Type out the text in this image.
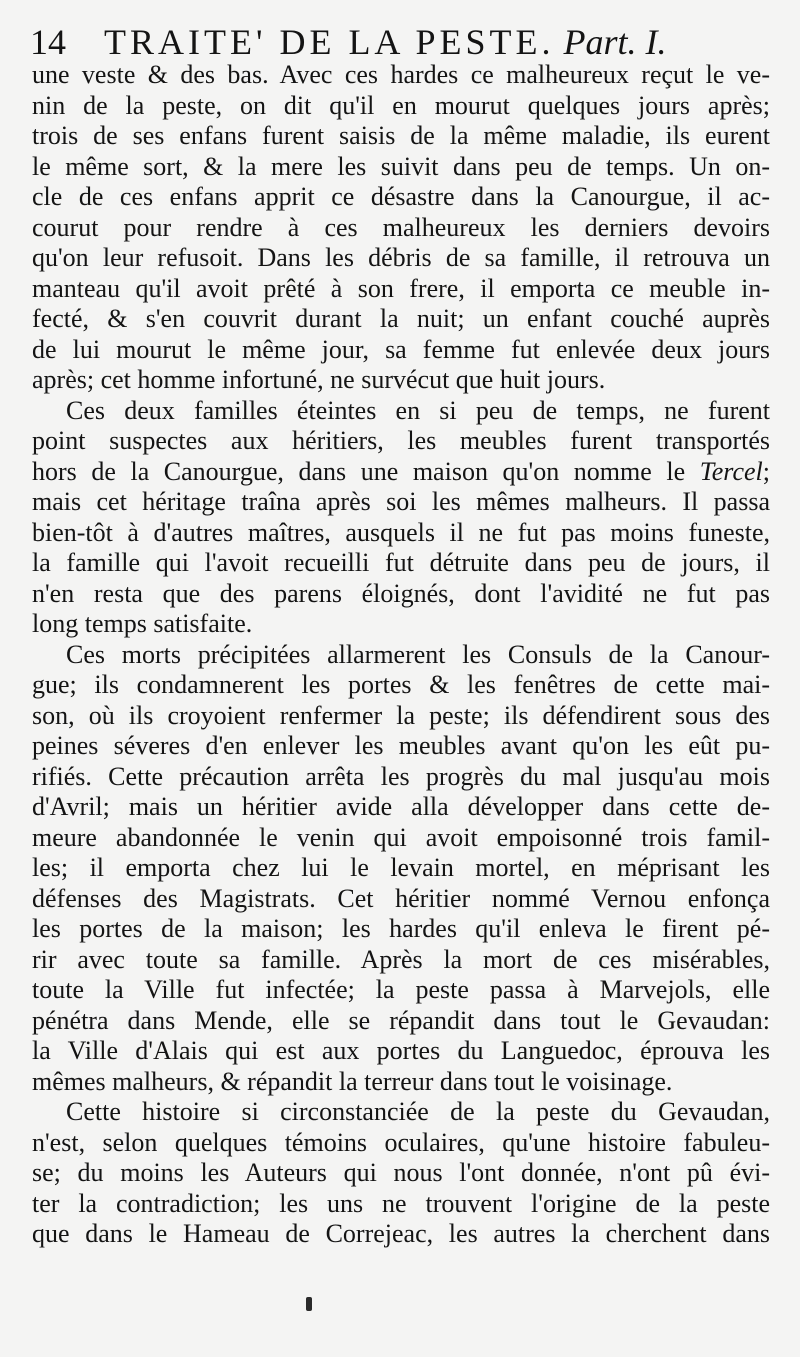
14 TRAITE' DE LA PESTE. Part. I.
une veste & des bas. Avec ces hardes ce malheureux reçut le ve-
nin de la peste, on dit qu'il en mourut quelques jours après;
trois de ses enfans furent saisis de la même maladie, ils eurent
le même sort, & la mere les suivit dans peu de temps. Un on-
cle de ces enfans apprit ce désastre dans la Canourgue, il ac-
courut pour rendre à ces malheureux les derniers devoirs
qu'on leur refusoit. Dans les débris de sa famille, il retrouva un
manteau qu'il avoit prêté à son frere, il emporta ce meuble in-
fecté, & s'en couvrit durant la nuit; un enfant couché auprès
de lui mourut le même jour, sa femme fut enlevée deux jours
après; cet homme infortuné, ne survécut que huit jours.
Ces deux familles éteintes en si peu de temps, ne furent
point suspectes aux héritiers, les meubles furent transportés
hors de la Canourgue, dans une maison qu'on nomme le Tercel;
mais cet héritage traîna après soi les mêmes malheurs. Il passa
bien-tôt à d'autres maîtres, ausquels il ne fut pas moins funeste,
la famille qui l'avoit recueilli fut détruite dans peu de jours, il
n'en resta que des parens éloignés, dont l'avidité ne fut pas
long temps satisfaite.
Ces morts précipitées allarmerent les Consuls de la Canour-
gue; ils condamnerent les portes & les fenêtres de cette mai-
son, où ils croyoient renfermer la peste; ils défendirent sous des
peines séveres d'en enlever les meubles avant qu'on les eût pu-
rifiés. Cette précaution arrêta les progrès du mal jusqu'au mois
d'Avril; mais un héritier avide alla développer dans cette de-
meure abandonnée le venin qui avoit empoisonné trois famil-
les; il emporta chez lui le levain mortel, en méprisant les
défenses des Magistrats. Cet héritier nommé Vernou enfonça
les portes de la maison; les hardes qu'il enleva le firent pé-
rir avec toute sa famille. Après la mort de ces misérables,
toute la Ville fut infectée; la peste passa à Marvejols, elle
pénétra dans Mende, elle se répandit dans tout le Gevaudan:
la Ville d'Alais qui est aux portes du Languedoc, éprouva les
mêmes malheurs, & répandit la terreur dans tout le voisinage.
Cette histoire si circonstanciée de la peste du Gevaudan,
n'est, selon quelques témoins oculaires, qu'une histoire fabuleu-
se; du moins les Auteurs qui nous l'ont donnée, n'ont pû évi-
ter la contradiction; les uns ne trouvent l'origine de la peste
que dans le Hameau de Correjeac, les autres la cherchent dans
